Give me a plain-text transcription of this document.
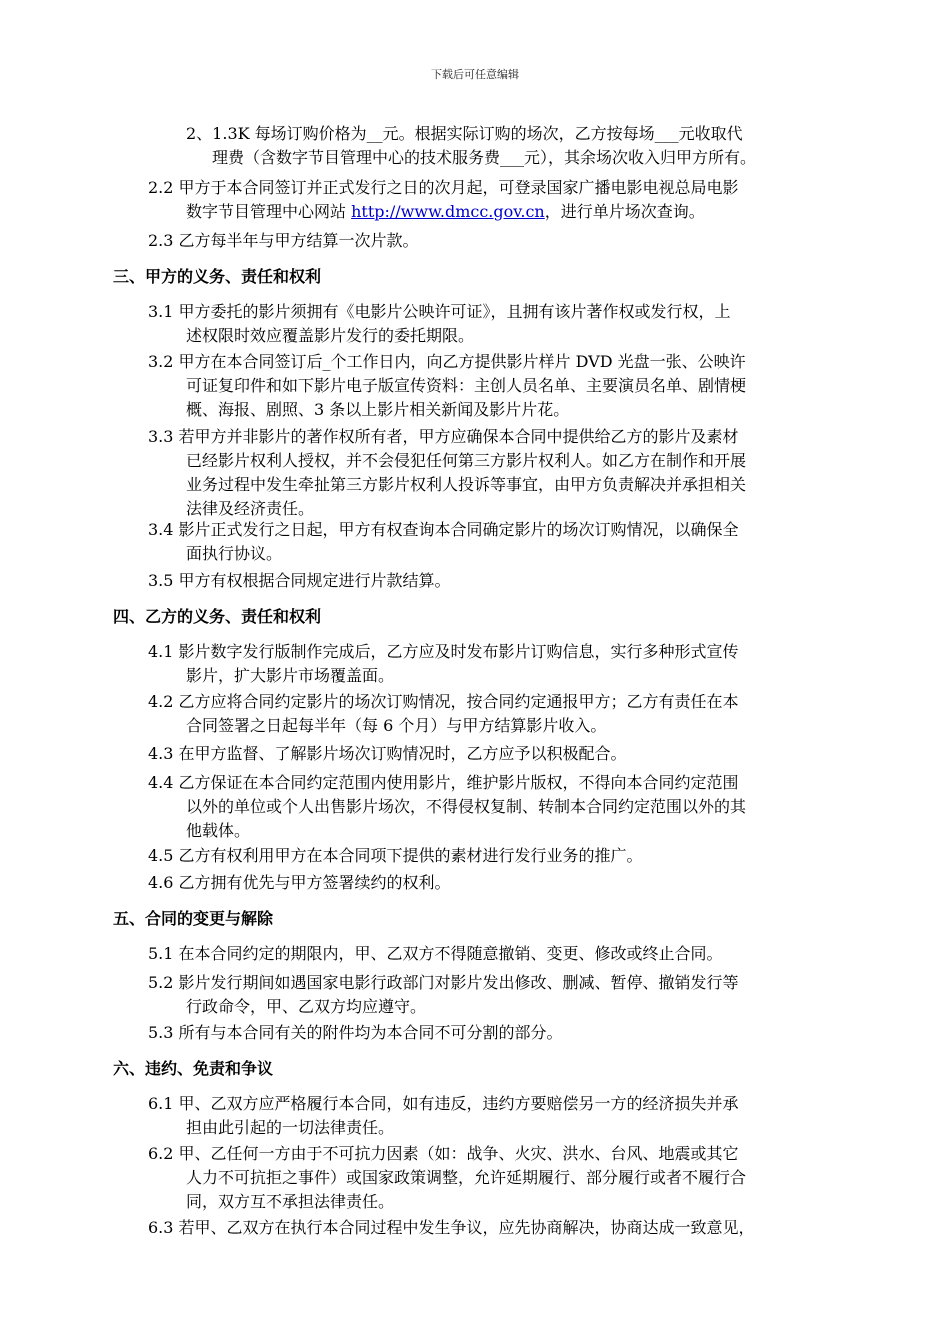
下载后可任意编辑
2、1.3K 每场订购价格为__元。根据实际订购的场次，乙方按每场___元收取代
理费（含数字节目管理中心的技术服务费___元），其余场次收入归甲方所有。
2.2 甲方于本合同签订并正式发行之日的次月起，可登录国家广播电影电视总局电影
数字节目管理中心网站 http://www.dmcc.gov.cn，进行单片场次查询。
2.3 乙方每半年与甲方结算一次片款。
三、甲方的义务、责任和权利
3.1 甲方委托的影片须拥有《电影片公映许可证》，且拥有该片著作权或发行权，上
述权限时效应覆盖影片发行的委托期限。
3.2 甲方在本合同签订后_个工作日内，向乙方提供影片样片 DVD 光盘一张、公映许
可证复印件和如下影片电子版宣传资料：主创人员名单、主要演员名单、剧情梗
概、海报、剧照、3 条以上影片相关新闻及影片片花。
3.3 若甲方并非影片的著作权所有者，甲方应确保本合同中提供给乙方的影片及素材
已经影片权利人授权，并不会侵犯任何第三方影片权利人。如乙方在制作和开展
业务过程中发生牵扯第三方影片权利人投诉等事宜，由甲方负责解决并承担相关
法律及经济责任。
3.4 影片正式发行之日起，甲方有权查询本合同确定影片的场次订购情况，以确保全
面执行协议。
3.5 甲方有权根据合同规定进行片款结算。
四、乙方的义务、责任和权利
4.1 影片数字发行版制作完成后，乙方应及时发布影片订购信息，实行多种形式宣传
影片，扩大影片市场覆盖面。
4.2 乙方应将合同约定影片的场次订购情况，按合同约定通报甲方；乙方有责任在本
合同签署之日起每半年（每 6 个月）与甲方结算影片收入。
4.3 在甲方监督、了解影片场次订购情况时，乙方应予以积极配合。
4.4 乙方保证在本合同约定范围内使用影片，维护影片版权，不得向本合同约定范围
以外的单位或个人出售影片场次，不得侵权复制、转制本合同约定范围以外的其
他载体。
4.5 乙方有权利用甲方在本合同项下提供的素材进行发行业务的推广。
4.6 乙方拥有优先与甲方签署续约的权利。
五、合同的变更与解除
5.1 在本合同约定的期限内，甲、乙双方不得随意撤销、变更、修改或终止合同。
5.2 影片发行期间如遇国家电影行政部门对影片发出修改、删减、暂停、撤销发行等
行政命令，甲、乙双方均应遵守。
5.3 所有与本合同有关的附件均为本合同不可分割的部分。
六、违约、免责和争议
6.1 甲、乙双方应严格履行本合同，如有违反，违约方要赔偿另一方的经济损失并承
担由此引起的一切法律责任。
6.2 甲、乙任何一方由于不可抗力因素（如：战争、火灾、洪水、台风、地震或其它
人力不可抗拒之事件）或国家政策调整，允许延期履行、部分履行或者不履行合
同，双方互不承担法律责任。
6.3 若甲、乙双方在执行本合同过程中发生争议，应先协商解决，协商达成一致意见，
